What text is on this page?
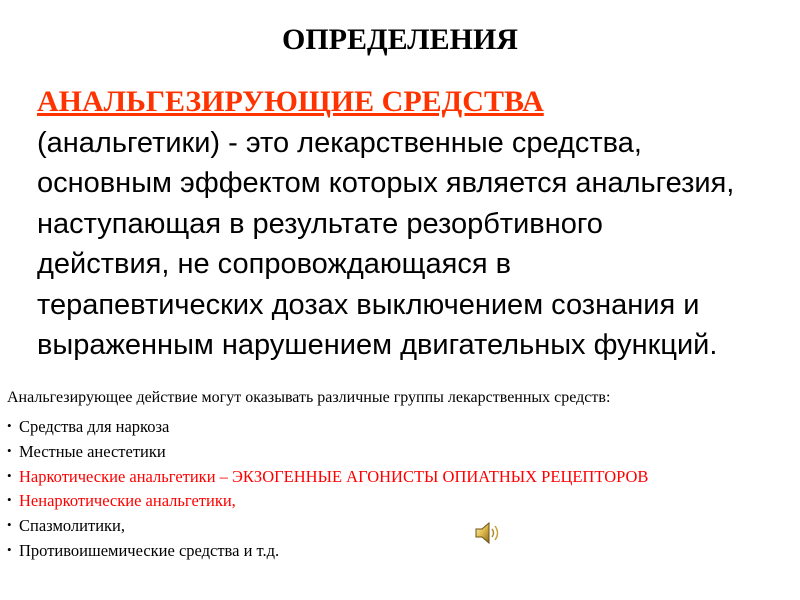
ОПРЕДЕЛЕНИЯ

АНАЛЬГЕЗИРУЮЩИЕ СРЕДСТВА
(анальгетики) - это лекарственные средства,
основным эффектом которых является анальгезия,
наступающая в результате резорбтивного
действия, не сопровождающаяся в
терапевтических дозах выключением сознания и
выраженным нарушением двигательных функций.

Анальгезирующее действие могут оказывать различные группы лекарственных средств:
• Средства для наркоза
• Местные анестетики
• Наркотические анальгетики – ЭКЗОГЕННЫЕ АГОНИСТЫ ОПИАТНЫХ РЕЦЕПТОРОВ
• Ненаркотические анальгетики,
• Спазмолитики,
• Противоишемические средства и т.д.
